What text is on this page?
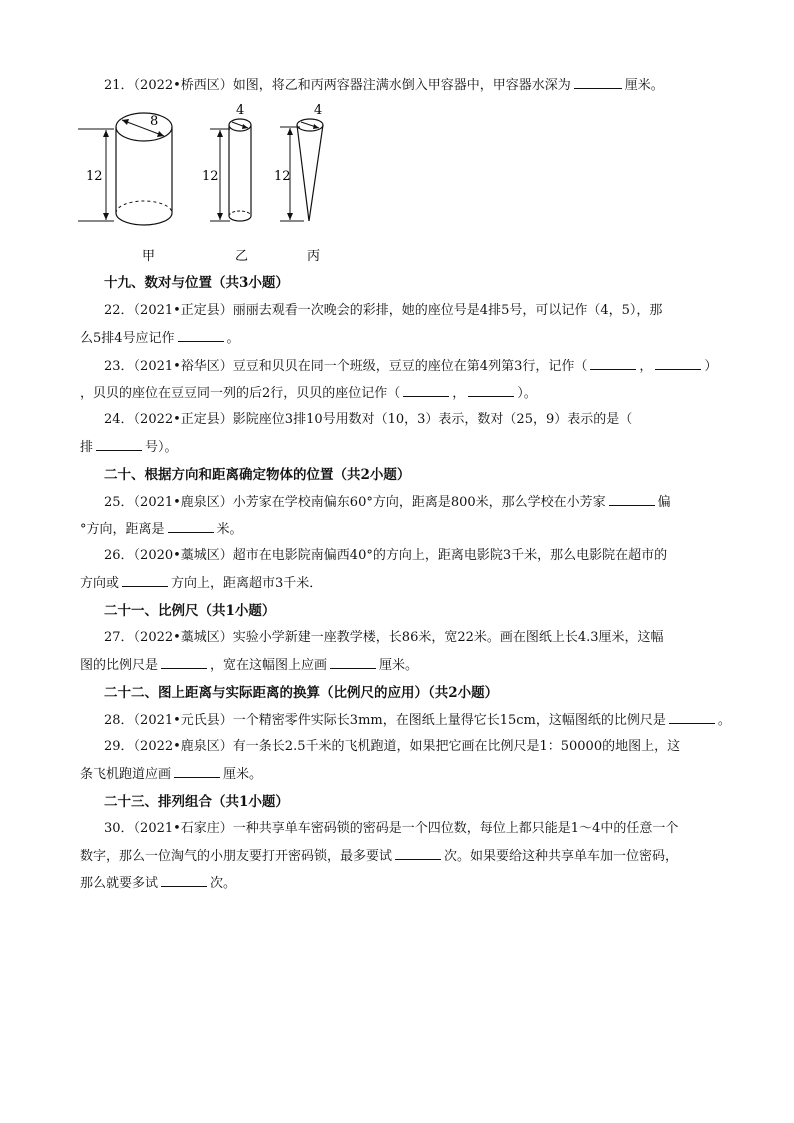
21．（2022•桥西区）如图，将乙和丙两容器注满水倒入甲容器中，甲容器水深为	厘米。
8
12
甲
4
12
乙
4
12
丙
十九、数对与位置（共3小题）
22．（2021•正定县）丽丽去观看一次晚会的彩排，她的座位号是4排5号，可以记作（4，5），那
么5排4号应记作	。
23．（2021•裕华区）豆豆和贝贝在同一个班级，豆豆的座位在第4列第3行，记作（	，	）
，贝贝的座位在豆豆同一列的后2行，贝贝的座位记作（	，	）。
24．（2022•正定县）影院座位3排10号用数对（10，3）表示，数对（25，9）表示的是（
排	号）。
二十、根据方向和距离确定物体的位置（共2小题）
25．（2021•鹿泉区）小芳家在学校南偏东60°方向，距离是800米，那么学校在小芳家	偏
°方向，距离是	米。
26．（2020•藁城区）超市在电影院南偏西40°的方向上，距离电影院3千米，那么电影院在超市的
方向或	方向上，距离超市3千米．
二十一、比例尺（共1小题）
27．（2022•藁城区）实验小学新建一座教学楼，长86米，宽22米。画在图纸上长4.3厘米，这幅
图的比例尺是	，宽在这幅图上应画	厘米。
二十二、图上距离与实际距离的换算（比例尺的应用）（共2小题）
28．（2021•元氏县）一个精密零件实际长3mm，在图纸上量得它长15cm，这幅图纸的比例尺是	。
29．（2022•鹿泉区）有一条长2.5千米的飞机跑道，如果把它画在比例尺是1：50000的地图上，这
条飞机跑道应画	厘米。
二十三、排列组合（共1小题）
30．（2021•石家庄）一种共享单车密码锁的密码是一个四位数，每位上都只能是1～4中的任意一个
数字，那么一位淘气的小朋友要打开密码锁，最多要试	次。如果要给这种共享单车加一位密码，
那么就要多试	次。
